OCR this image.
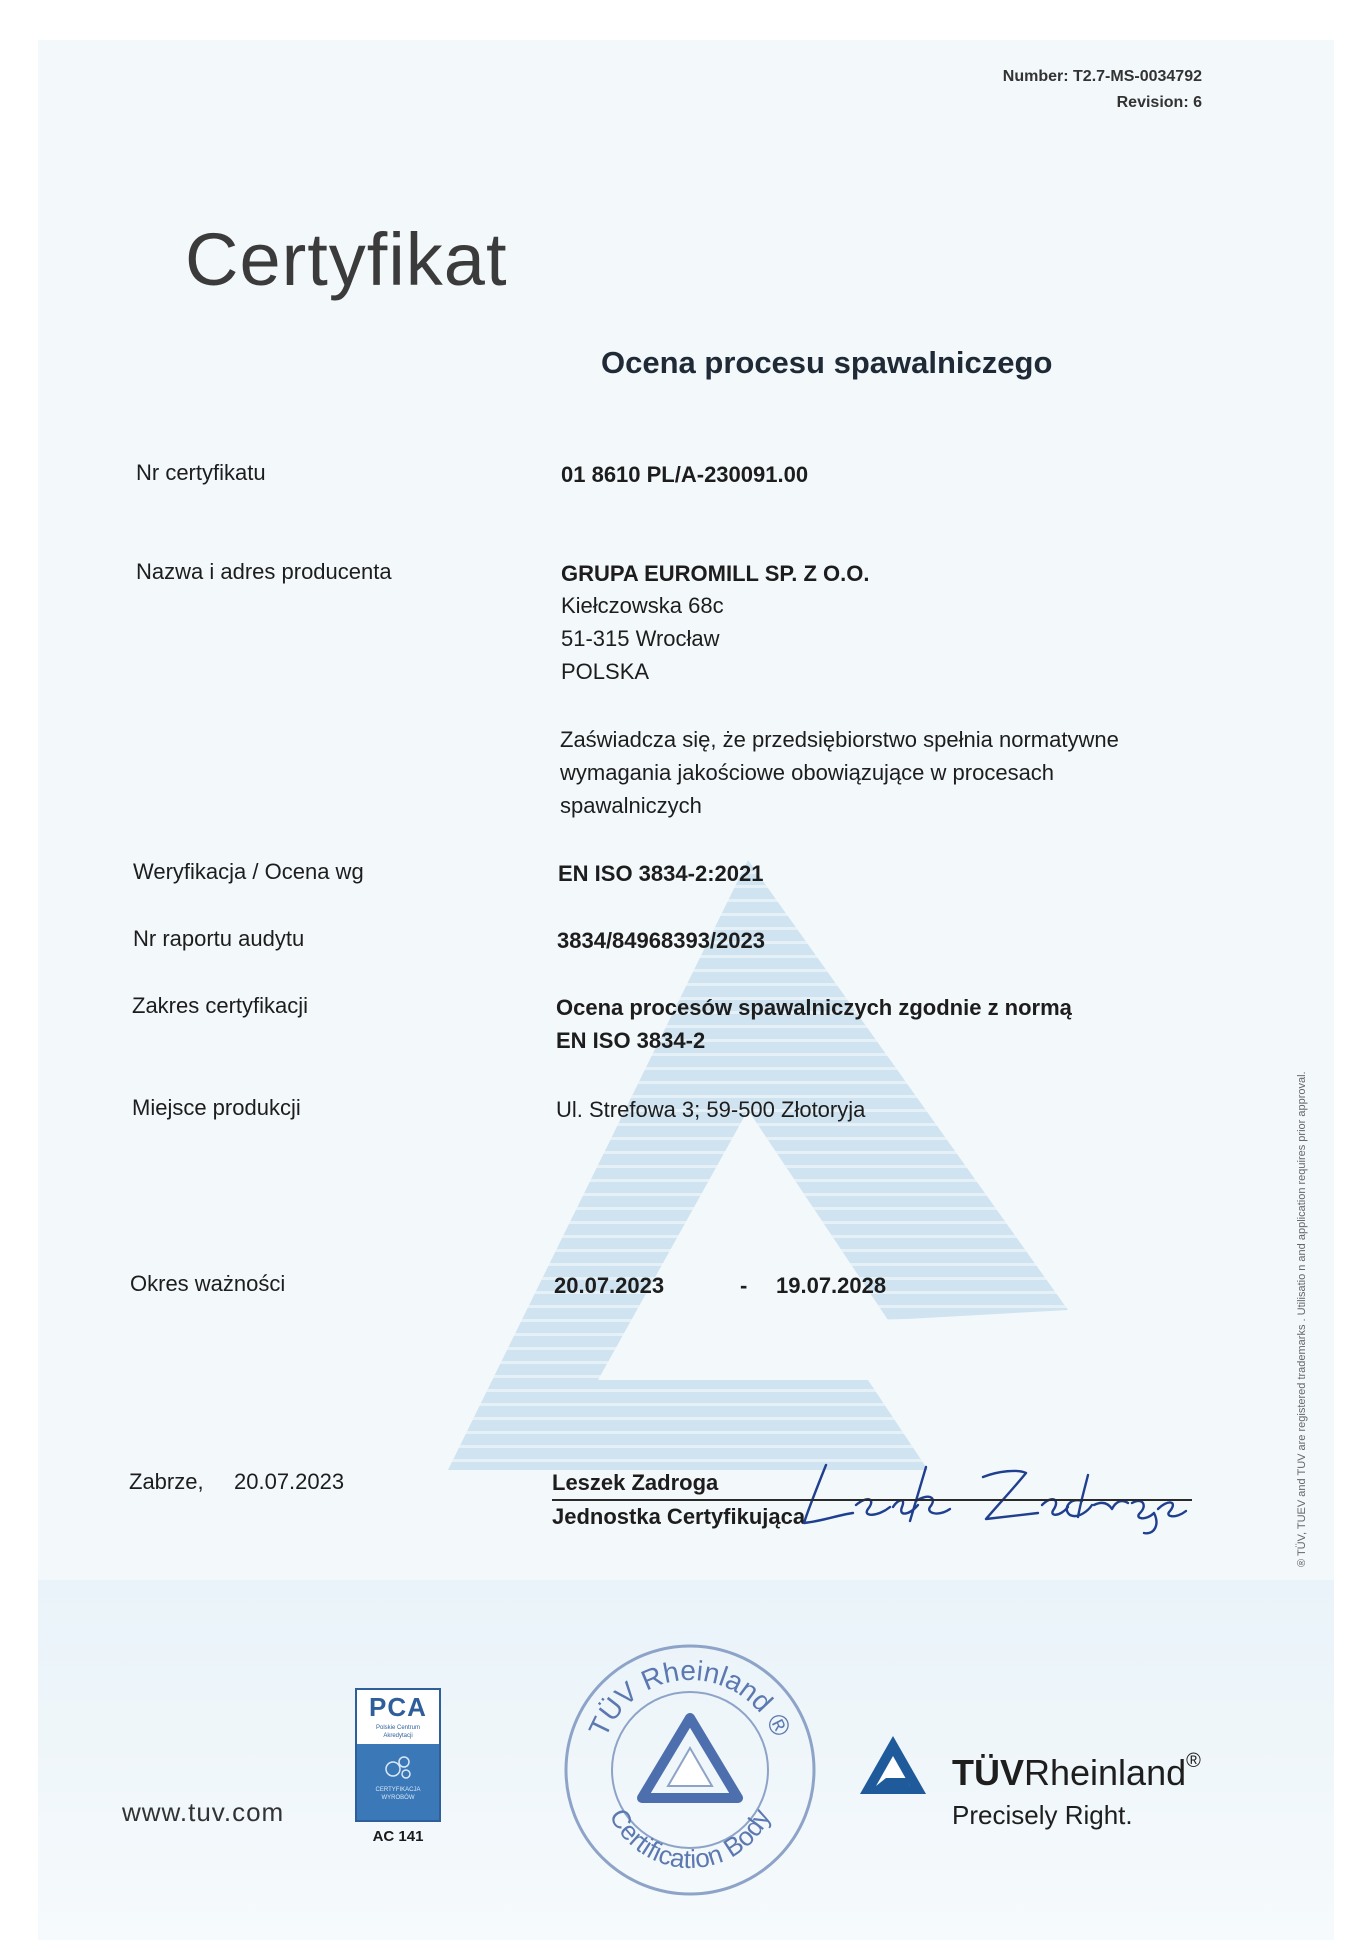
Number: T2.7-MS-0034792
Revision: 6
Certyfikat
Ocena procesu spawalniczego
Nr certyfikatu	01 8610 PL/A-230091.00
Nazwa i adres producenta	GRUPA EUROMILL SP. Z O.O.
Kiełczowska 68c
51-315 Wrocław
POLSKA
Zaświadcza się, że przedsiębiorstwo spełnia normatywne
wymagania jakościowe obowiązujące w procesach
spawalniczych
Weryfikacja / Ocena wg	EN ISO 3834-2:2021
Nr raportu audytu	3834/84968393/2023
Zakres certyfikacji	Ocena procesów spawalniczych zgodnie z normą
EN ISO 3834-2
Miejsce produkcji	Ul. Strefowa 3; 59-500 Złotoryja
Okres ważności	20.07.2023	- 19.07.2028
Zabrze, 20.07.2023	Leszek Zadroga
Jednostka Certyfikująca	® TÜV, TUEV and TUV are registered trademarks . Utilisatio n and application requires prior approval.
www.tuv.com
PCA
Polskie Centrum
Akredytacji
CERTYFIKACJA
WYROBÓW
AC 141
TÜV Rheinland ®
Certification Body
TÜVRheinland®
Precisely Right.
